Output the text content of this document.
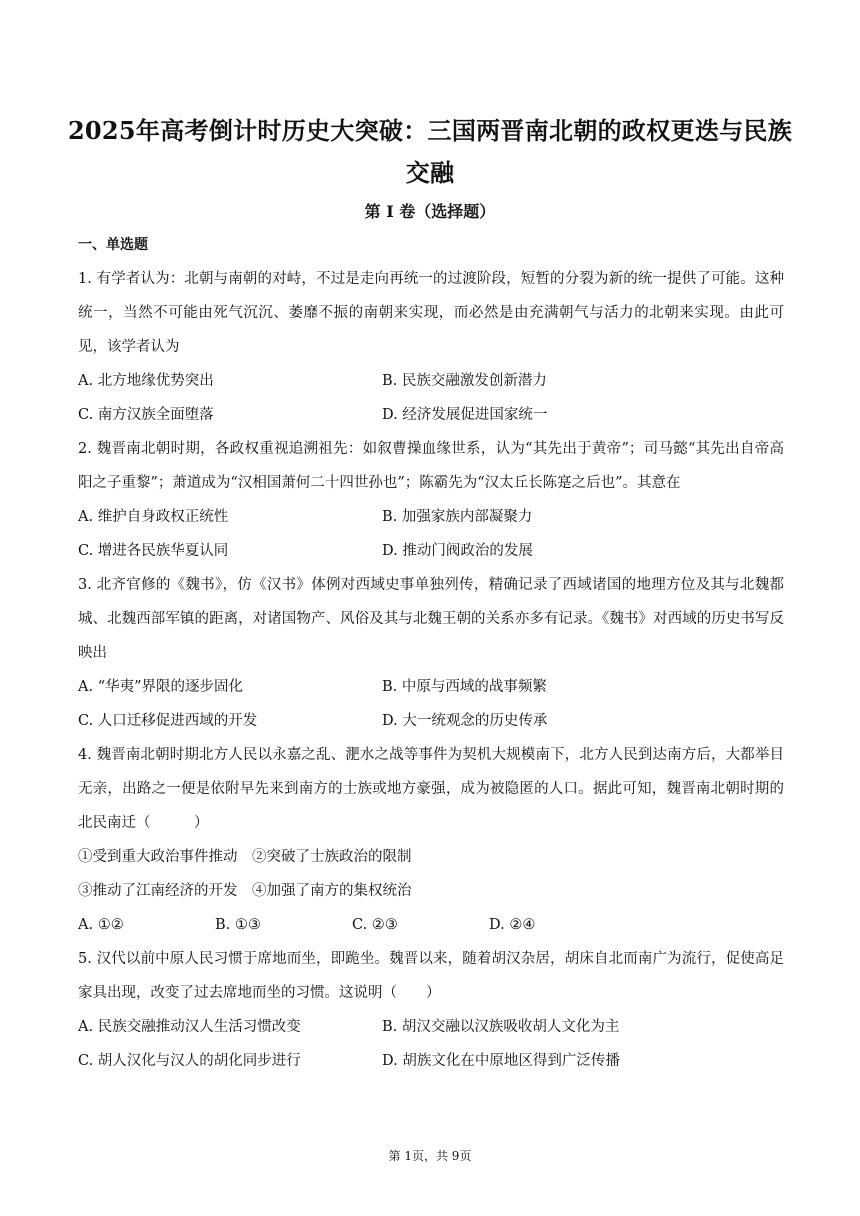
2025年高考倒计时历史大突破：三国两晋南北朝的政权更迭与民族交融
第 I 卷（选择题）
一、单选题

1. 有学者认为：北朝与南朝的对峙，不过是走向再统一的过渡阶段，短暂的分裂为新的统一提供了可能。这种统一，当然不可能由死气沉沉、萎靡不振的南朝来实现，而必然是由充满朝气与活力的北朝来实现。由此可见，该学者认为

A. 北方地缘优势突出	B. 民族交融激发创新潜力
C. 南方汉族全面堕落	D. 经济发展促进国家统一

2. 魏晋南北朝时期，各政权重视追溯祖先：如叙曹操血缘世系，认为“其先出于黄帝”；司马懿“其先出自帝高阳之子重黎”；萧道成为“汉相国萧何二十四世孙也”；陈霸先为“汉太丘长陈寔之后也”。其意在

A. 维护自身政权正统性	B. 加强家族内部凝聚力
C. 增进各民族华夏认同	D. 推动门阀政治的发展

3. 北齐官修的《魏书》，仿《汉书》体例对西域史事单独列传，精确记录了西域诸国的地理方位及其与北魏都城、北魏西部军镇的距离，对诸国物产、风俗及其与北魏王朝的关系亦多有记录。《魏书》对西域的历史书写反映出

A. “华夷”界限的逐步固化	B. 中原与西域的战事频繁
C. 人口迁移促进西域的开发	D. 大一统观念的历史传承

4. 魏晋南北朝时期北方人民以永嘉之乱、淝水之战等事件为契机大规模南下，北方人民到达南方后，大都举目无亲，出路之一便是依附早先来到南方的士族或地方豪强，成为被隐匿的人口。据此可知，魏晋南北朝时期的北民南迁（　　　）

①受到重大政治事件推动　②突破了士族政治的限制

③推动了江南经济的开发　④加强了南方的集权统治

A. ①②	B. ①③	C. ②③	D. ②④

5. 汉代以前中原人民习惯于席地而坐，即跪坐。魏晋以来，随着胡汉杂居，胡床自北而南广为流行，促使高足家具出现，改变了过去席地而坐的习惯。这说明（　　）

A. 民族交融推动汉人生活习惯改变	B. 胡汉交融以汉族吸收胡人文化为主
C. 胡人汉化与汉人的胡化同步进行	D. 胡族文化在中原地区得到广泛传播
第 1页，共 9页
